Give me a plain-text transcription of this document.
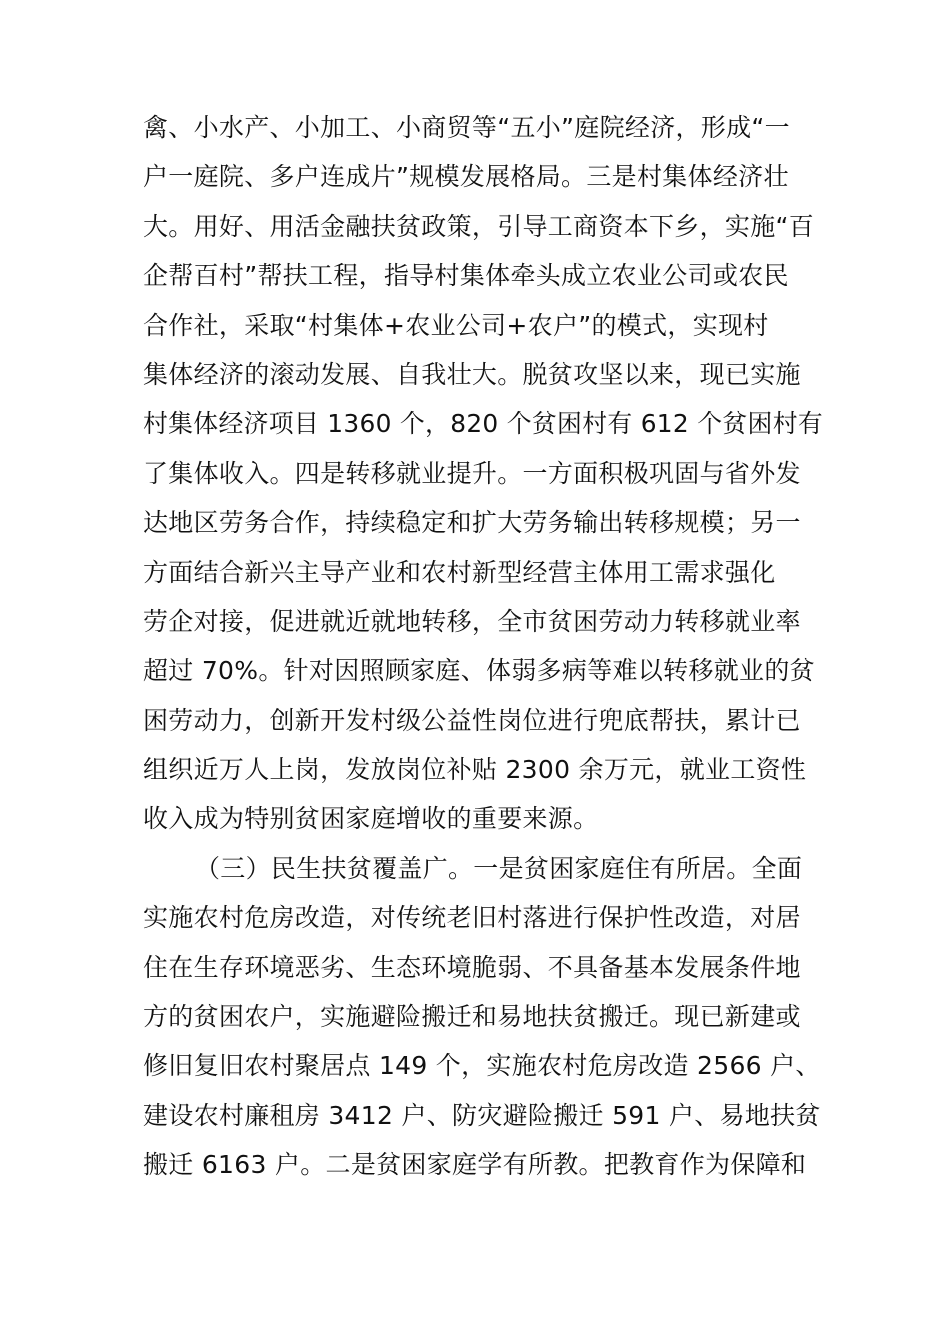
禽、小水产、小加工、小商贸等“五小”庭院经济，形成“一
户一庭院、多户连成片”规模发展格局。三是村集体经济壮
大。用好、用活金融扶贫政策，引导工商资本下乡，实施“百
企帮百村”帮扶工程，指导村集体牵头成立农业公司或农民
合作社，采取“村集体+农业公司+农户”的模式，实现村
集体经济的滚动发展、自我壮大。脱贫攻坚以来，现已实施
村集体经济项目 1360 个，820 个贫困村有 612 个贫困村有
了集体收入。四是转移就业提升。一方面积极巩固与省外发
达地区劳务合作，持续稳定和扩大劳务输出转移规模；另一
方面结合新兴主导产业和农村新型经营主体用工需求强化
劳企对接，促进就近就地转移，全市贫困劳动力转移就业率
超过 70%。针对因照顾家庭、体弱多病等难以转移就业的贫
困劳动力，创新开发村级公益性岗位进行兜底帮扶，累计已
组织近万人上岗，发放岗位补贴 2300 余万元，就业工资性
收入成为特别贫困家庭增收的重要来源。
（三）民生扶贫覆盖广。一是贫困家庭住有所居。全面
实施农村危房改造，对传统老旧村落进行保护性改造，对居
住在生存环境恶劣、生态环境脆弱、不具备基本发展条件地
方的贫困农户，实施避险搬迁和易地扶贫搬迁。现已新建或
修旧复旧农村聚居点 149 个，实施农村危房改造 2566 户、
建设农村廉租房 3412 户、防灾避险搬迁 591 户、易地扶贫
搬迁 6163 户。二是贫困家庭学有所教。把教育作为保障和
